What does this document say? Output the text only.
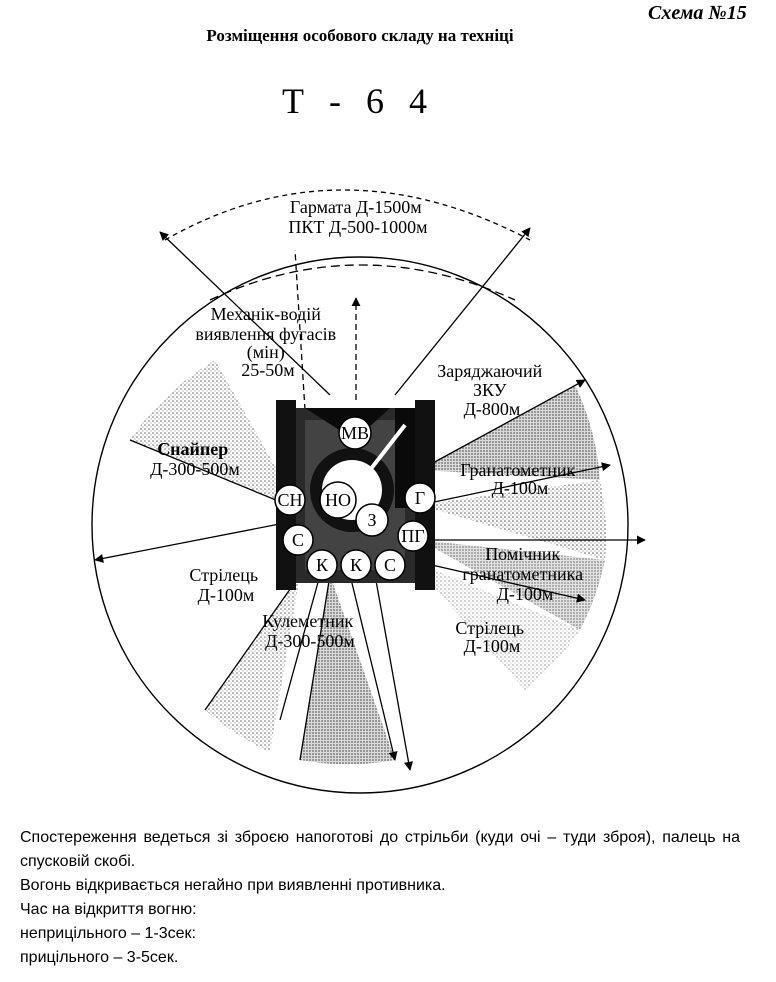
Схема №15
Розміщення особового складу на техніці
Т - 6 4
МВ
НО
З
СН	Г
С
К К С
ПГ
Гармата Д-1500м ПКТ Д-500-1000м
Механік-водій виявлення фугасів (мін) 25-50м	Заряджаючий ЗКУ Д-800м
Снайпер Д-300-500м	Гранатометник Д-100м
Помічник гранатометника Д-100м
Стрілець Д-100м
Кулеметник Д-300-500м
Стрілець Д-100м

Спостереження ведеться зі зброєю напоготові до стрільби (куди очі – туди зброя), палець на спусковій скобі.

Вогонь відкривається негайно при виявленні противника.

Час на відкриття вогню:

неприцільного – 1-3сек:

прицільного – 3-5сек.
